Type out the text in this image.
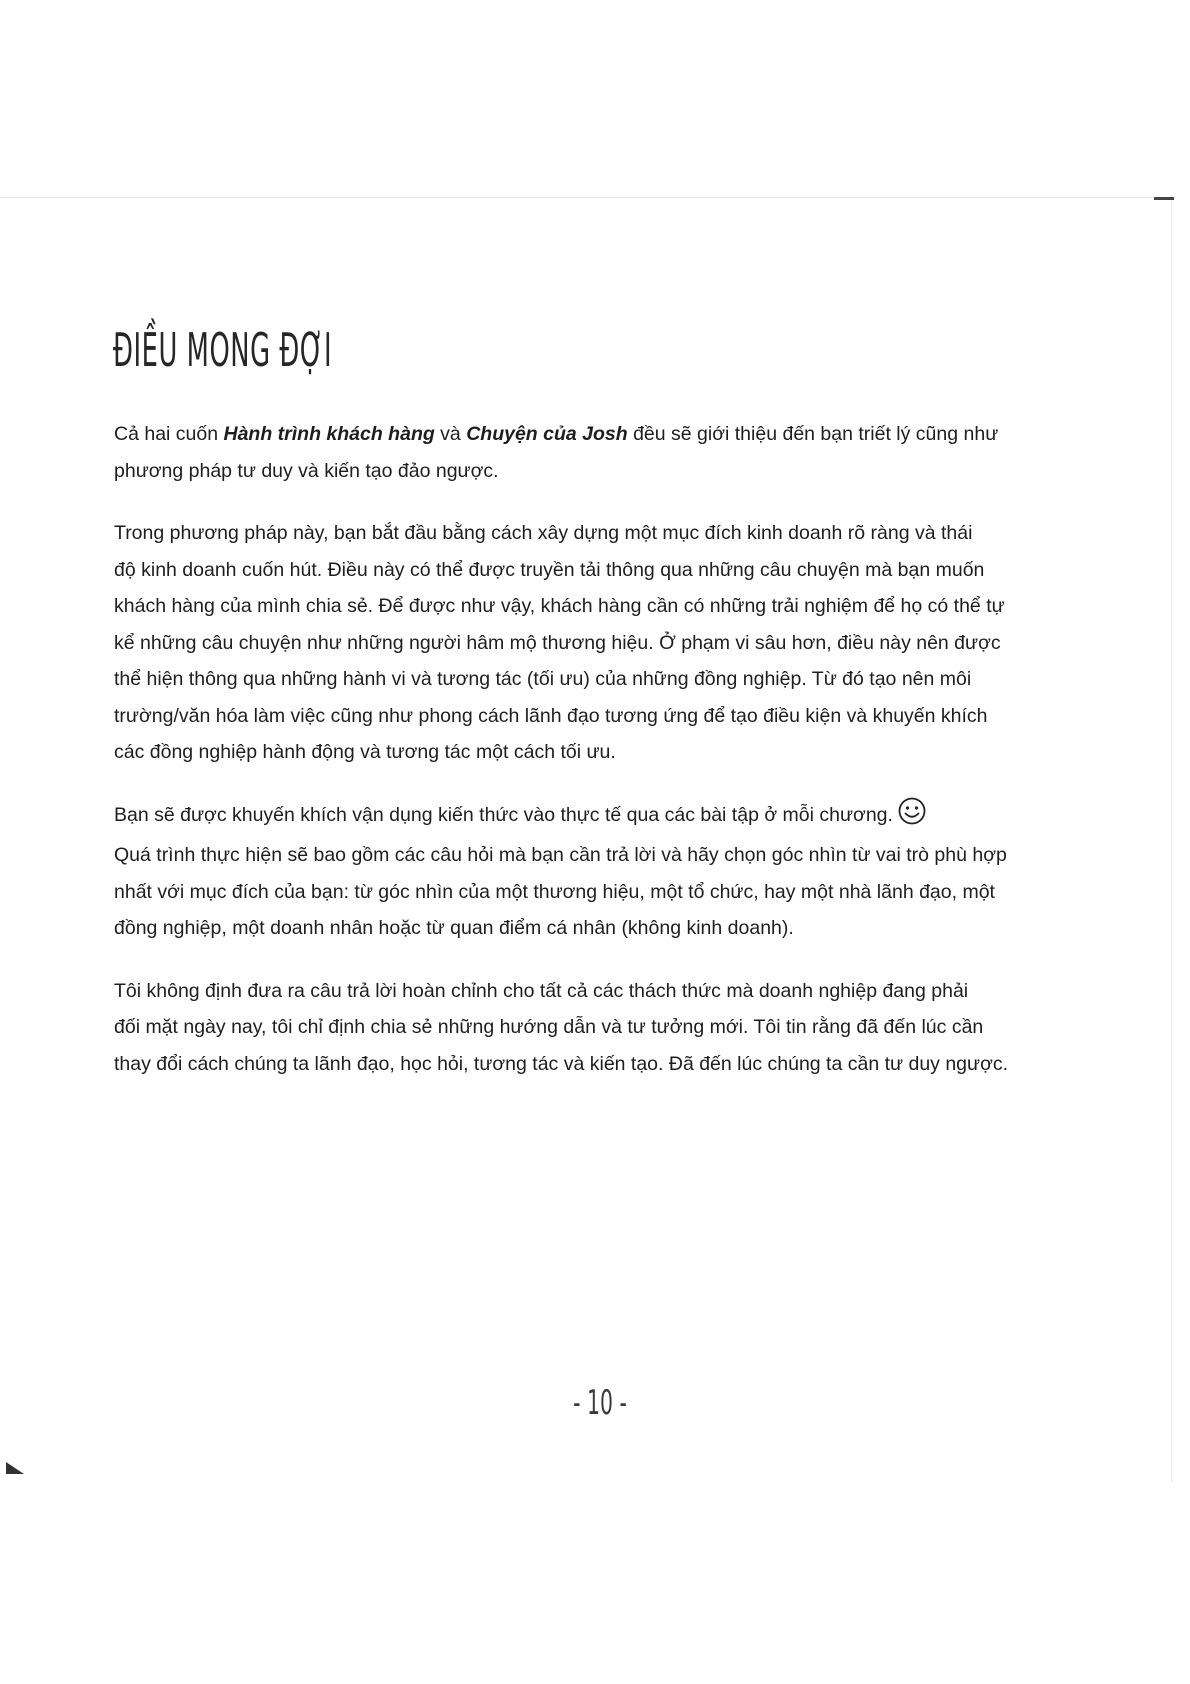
ĐIỀU MONG ĐỢI

Cả hai cuốn Hành trình khách hàng và Chuyện của Josh đều sẽ giới thiệu đến bạn triết lý cũng như
phương pháp tư duy và kiến tạo đảo ngược.

Trong phương pháp này, bạn bắt đầu bằng cách xây dựng một mục đích kinh doanh rõ ràng và thái
độ kinh doanh cuốn hút. Điều này có thể được truyền tải thông qua những câu chuyện mà bạn muốn
khách hàng của mình chia sẻ. Để được như vậy, khách hàng cần có những trải nghiệm để họ có thể tự
kể những câu chuyện như những người hâm mộ thương hiệu. Ở phạm vi sâu hơn, điều này nên được
thể hiện thông qua những hành vi và tương tác (tối ưu) của những đồng nghiệp. Từ đó tạo nên môi
trường/văn hóa làm việc cũng như phong cách lãnh đạo tương ứng để tạo điều kiện và khuyến khích
các đồng nghiệp hành động và tương tác một cách tối ưu.

Bạn sẽ được khuyến khích vận dụng kiến thức vào thực tế qua các bài tập ở mỗi chương.
Quá trình thực hiện sẽ bao gồm các câu hỏi mà bạn cần trả lời và hãy chọn góc nhìn từ vai trò phù hợp
nhất với mục đích của bạn: từ góc nhìn của một thương hiệu, một tổ chức, hay một nhà lãnh đạo, một
đồng nghiệp, một doanh nhân hoặc từ quan điểm cá nhân (không kinh doanh).

Tôi không định đưa ra câu trả lời hoàn chỉnh cho tất cả các thách thức mà doanh nghiệp đang phải
đối mặt ngày nay, tôi chỉ định chia sẻ những hướng dẫn và tư tưởng mới. Tôi tin rằng đã đến lúc cần
thay đổi cách chúng ta lãnh đạo, học hỏi, tương tác và kiến tạo. Đã đến lúc chúng ta cần tư duy ngược.

- 10 -
